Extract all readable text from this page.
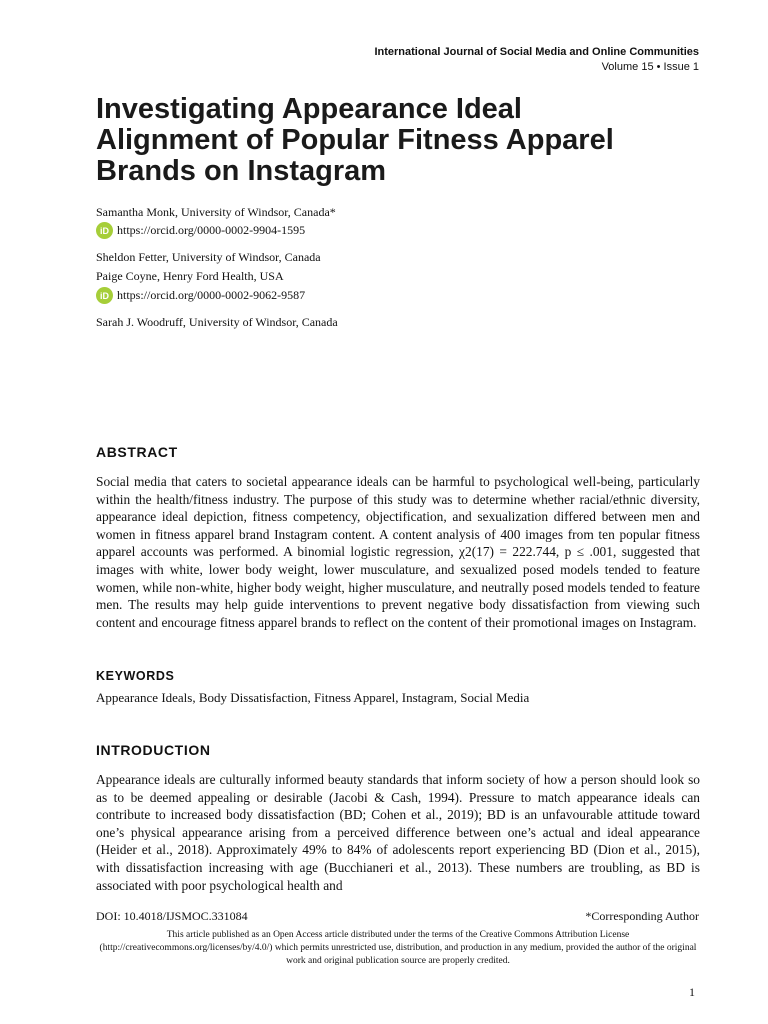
International Journal of Social Media and Online Communities
Volume 15 • Issue 1
Investigating Appearance Ideal Alignment of Popular Fitness Apparel Brands on Instagram
Samantha Monk, University of Windsor, Canada*
iD https://orcid.org/0000-0002-9904-1595
Sheldon Fetter, University of Windsor, Canada
Paige Coyne, Henry Ford Health, USA
iD https://orcid.org/0000-0002-9062-9587
Sarah J. Woodruff, University of Windsor, Canada
ABSTRACT

Social media that caters to societal appearance ideals can be harmful to psychological well-being, particularly within the health/fitness industry. The purpose of this study was to determine whether racial/ethnic diversity, appearance ideal depiction, fitness competency, objectification, and sexualization differed between men and women in fitness apparel brand Instagram content. A content analysis of 400 images from ten popular fitness apparel accounts was performed. A binomial logistic regression, χ2(17) = 222.744, p ≤ .001, suggested that images with white, lower body weight, lower musculature, and sexualized posed models tended to feature women, while non-white, higher body weight, higher musculature, and neutrally posed models tended to feature men. The results may help guide interventions to prevent negative body dissatisfaction from viewing such content and encourage fitness apparel brands to reflect on the content of their promotional images on Instagram.

KEYWORDS
Appearance Ideals, Body Dissatisfaction, Fitness Apparel, Instagram, Social Media
INTRODUCTION

Appearance ideals are culturally informed beauty standards that inform society of how a person should look so as to be deemed appealing or desirable (Jacobi & Cash, 1994). Pressure to match appearance ideals can contribute to increased body dissatisfaction (BD; Cohen et al., 2019); BD is an unfavourable attitude toward one’s physical appearance arising from a perceived difference between one’s actual and ideal appearance (Heider et al., 2018). Approximately 49% to 84% of adolescents report experiencing BD (Dion et al., 2015), with dissatisfaction increasing with age (Bucchianeri et al., 2013). These numbers are troubling, as BD is associated with poor psychological health and

DOI: 10.4018/IJSMOC.331084	*Corresponding Author

This article published as an Open Access article distributed under the terms of the Creative Commons Attribution License (http://creativecommons.org/licenses/by/4.0/) which permits unrestricted use, distribution, and production in any medium, provided the author of the original work and original publication source are properly credited.

1
